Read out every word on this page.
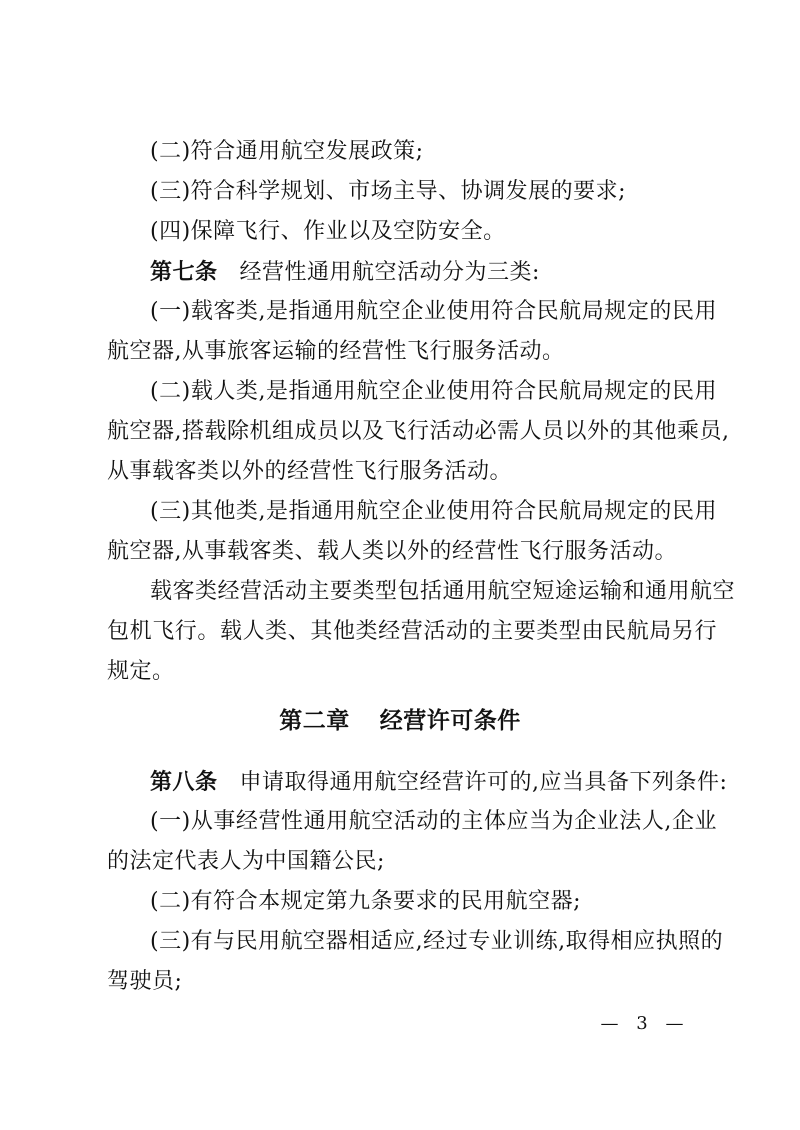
(二)符合通用航空发展政策;
(三)符合科学规划、市场主导、协调发展的要求;
(四)保障飞行、作业以及空防安全。
第七条 经营性通用航空活动分为三类:
(一)载客类,是指通用航空企业使用符合民航局规定的民用
航空器,从事旅客运输的经营性飞行服务活动。
(二)载人类,是指通用航空企业使用符合民航局规定的民用
航空器,搭载除机组成员以及飞行活动必需人员以外的其他乘员,
从事载客类以外的经营性飞行服务活动。
(三)其他类,是指通用航空企业使用符合民航局规定的民用
航空器,从事载客类、载人类以外的经营性飞行服务活动。
载客类经营活动主要类型包括通用航空短途运输和通用航空
包机飞行。载人类、其他类经营活动的主要类型由民航局另行
规定。
第二章 经营许可条件
第八条 申请取得通用航空经营许可的,应当具备下列条件:
(一)从事经营性通用航空活动的主体应当为企业法人,企业
的法定代表人为中国籍公民;
(二)有符合本规定第九条要求的民用航空器;
(三)有与民用航空器相适应,经过专业训练,取得相应执照的
驾驶员;
— 3 —
